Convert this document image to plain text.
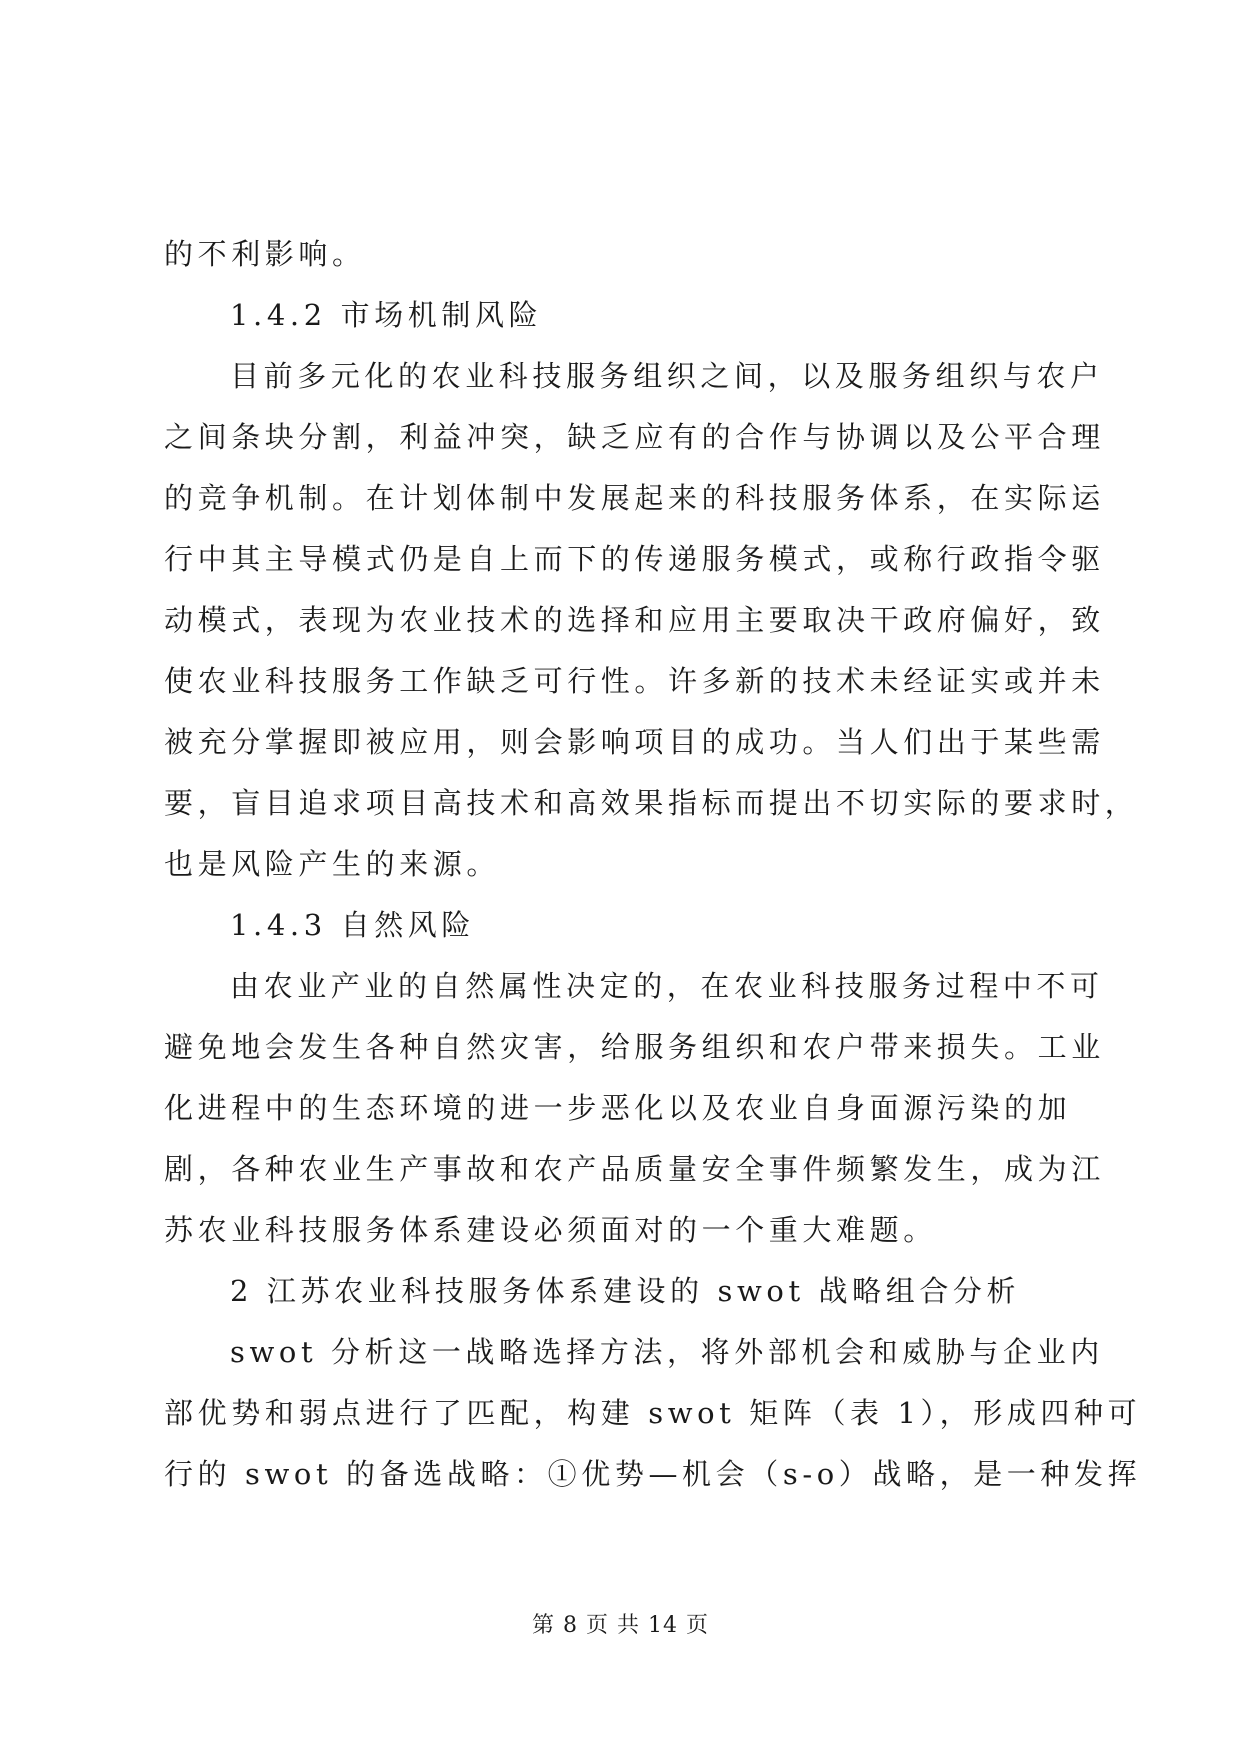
的不利影响。
1.4.2 市场机制风险
目前多元化的农业科技服务组织之间，以及服务组织与农户
之间条块分割，利益冲突，缺乏应有的合作与协调以及公平合理
的竞争机制。在计划体制中发展起来的科技服务体系，在实际运
行中其主导模式仍是自上而下的传递服务模式，或称行政指令驱
动模式，表现为农业技术的选择和应用主要取决干政府偏好，致
使农业科技服务工作缺乏可行性。许多新的技术未经证实或并未
被充分掌握即被应用，则会影响项目的成功。当人们出于某些需
要，盲目追求项目高技术和高效果指标而提出不切实际的要求时，
也是风险产生的来源。
1.4.3 自然风险
由农业产业的自然属性决定的，在农业科技服务过程中不可
避免地会发生各种自然灾害，给服务组织和农户带来损失。工业
化进程中的生态环境的进一步恶化以及农业自身面源污染的加
剧，各种农业生产事故和农产品质量安全事件频繁发生，成为江
苏农业科技服务体系建设必须面对的一个重大难题。
2 江苏农业科技服务体系建设的 swot 战略组合分析
swot 分析这一战略选择方法，将外部机会和威胁与企业内
部优势和弱点进行了匹配，构建 swot 矩阵（表 1），形成四种可
行的 swot 的备选战略：①优势—机会（s-o）战略，是一种发挥
第 8 页 共 14 页
